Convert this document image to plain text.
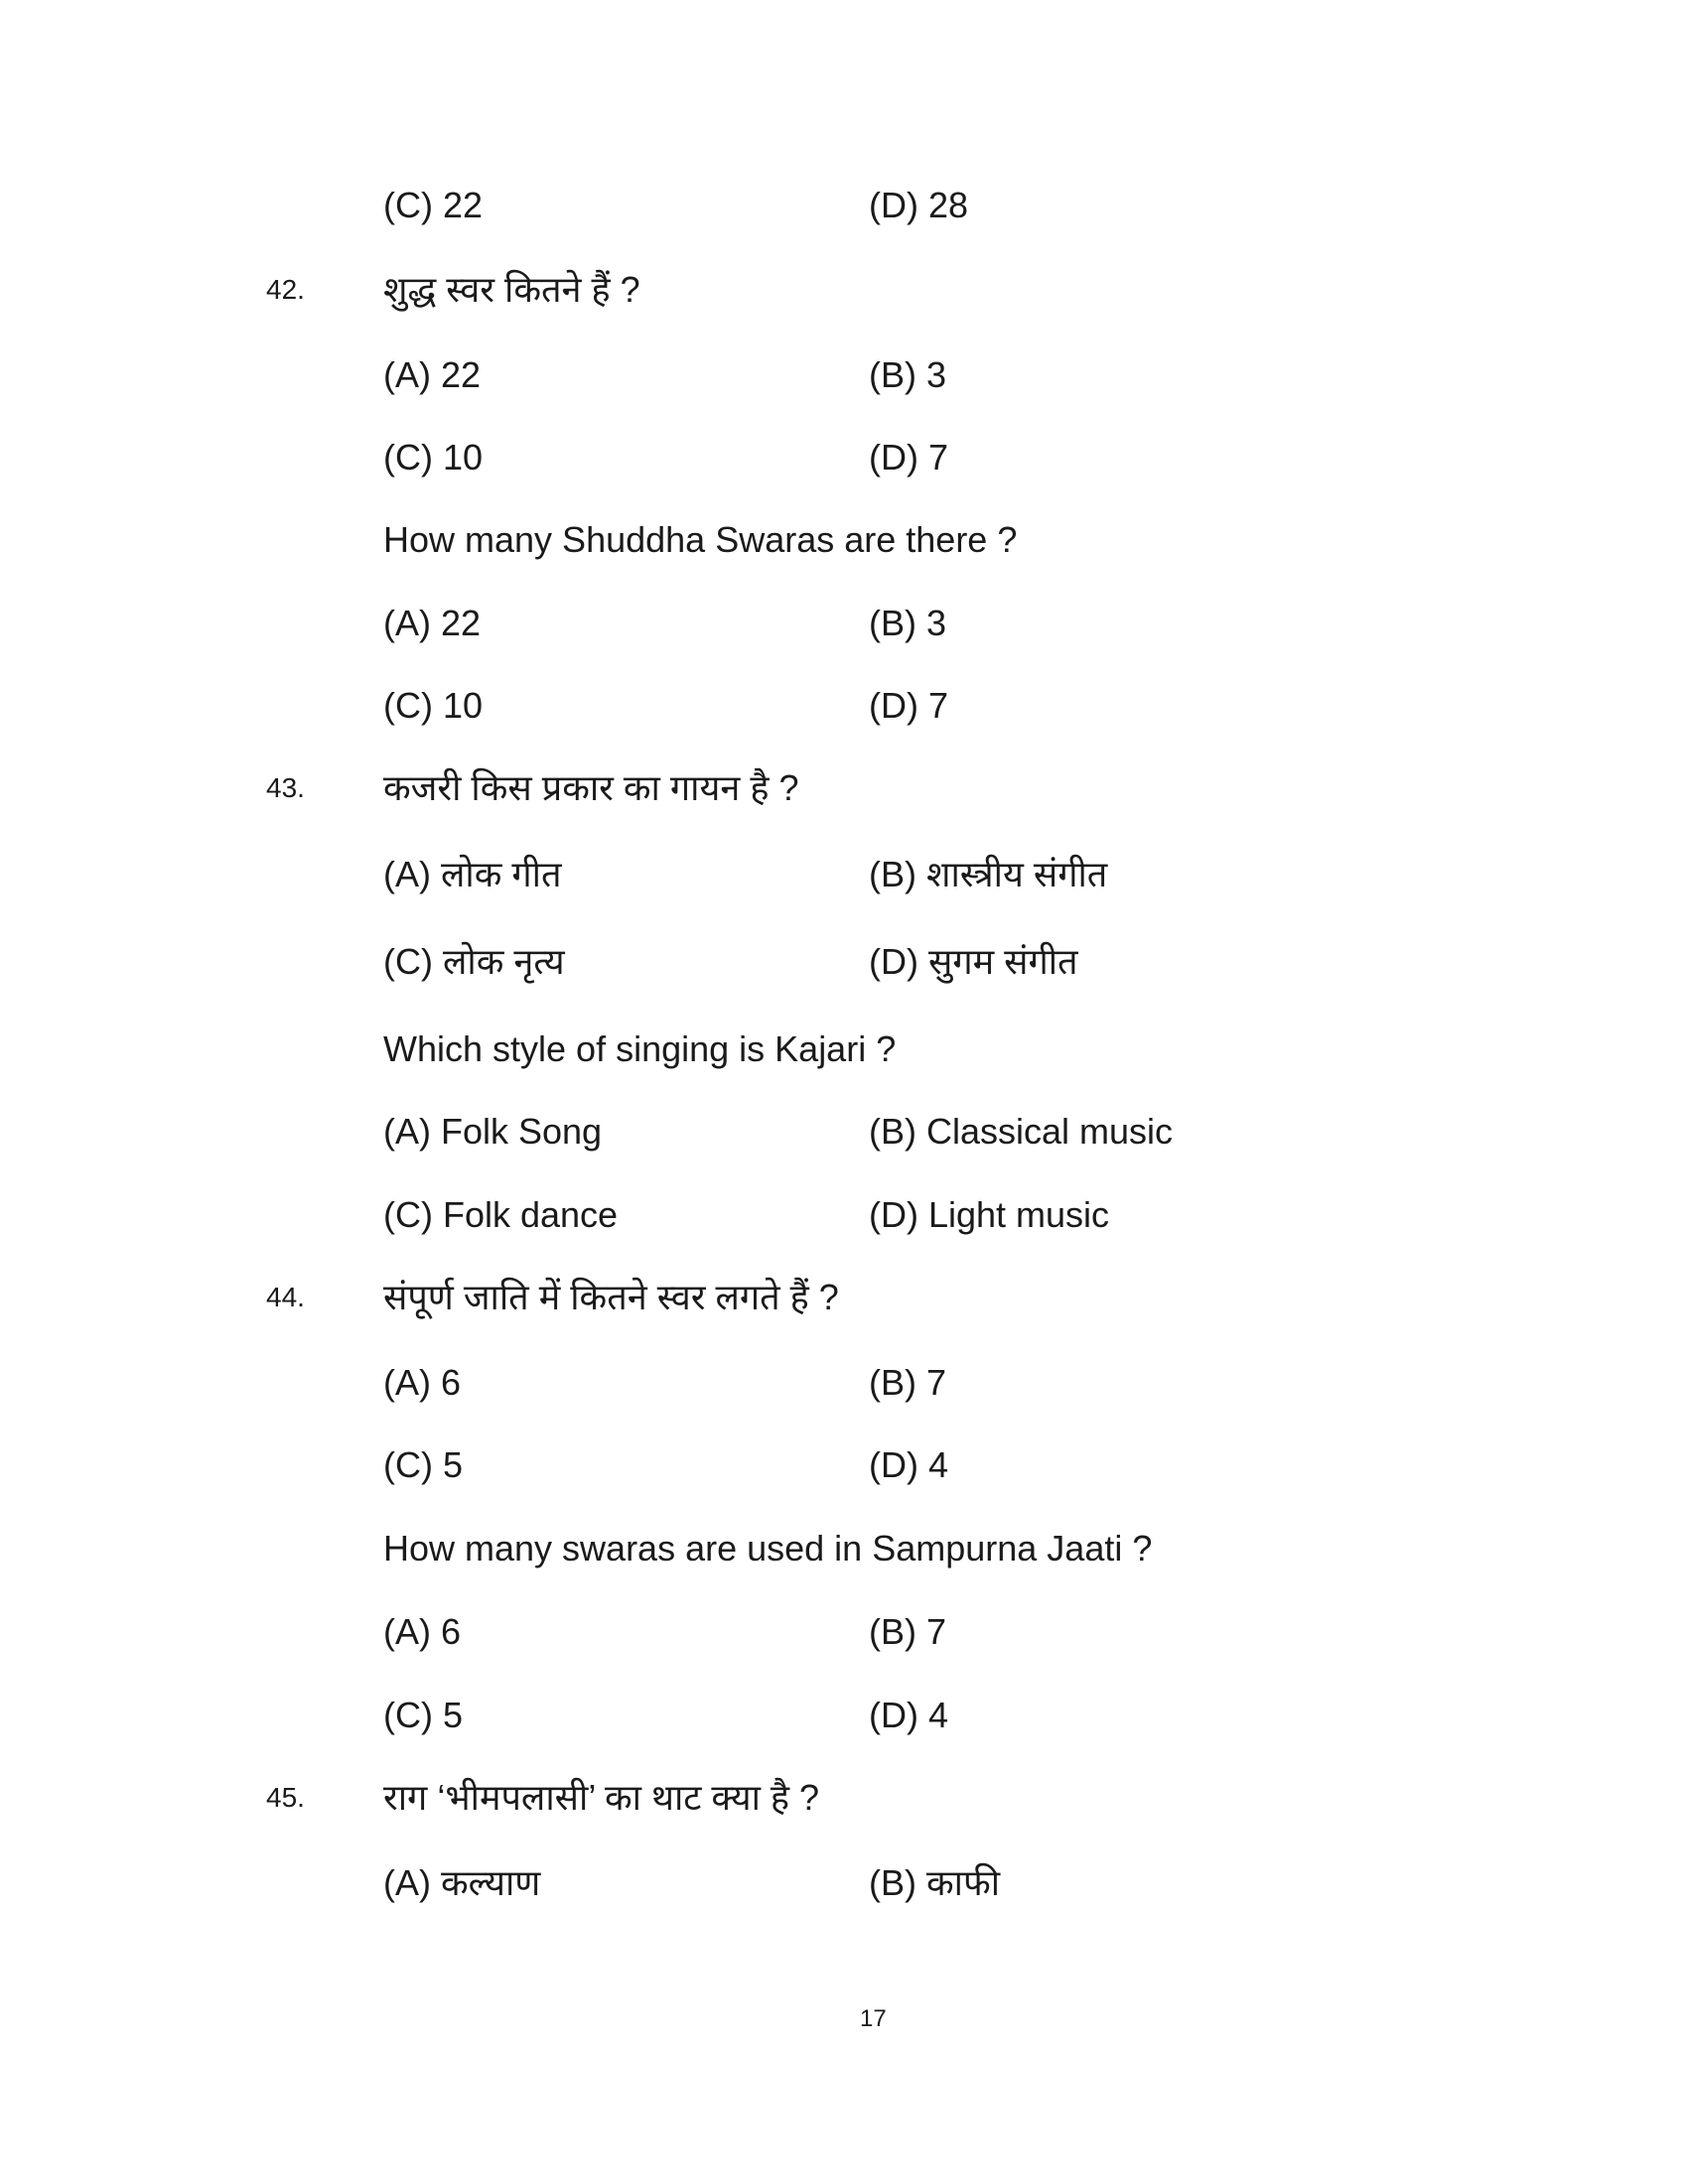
(C) 22	(D) 28
42. शुद्ध स्वर कितने हैं ?
(A) 22	(B) 3
(C) 10	(D) 7
How many Shuddha Swaras are there ?
(A) 22	(B) 3
(C) 10	(D) 7
43. कजरी किस प्रकार का गायन है ?
(A) लोक गीत	(B) शास्त्रीय संगीत
(C) लोक नृत्य	(D) सुगम संगीत
Which style of singing is Kajari ?
(A) Folk Song	(B) Classical music
(C) Folk dance	(D) Light music
44. संपूर्ण जाति में कितने स्वर लगते हैं ?
(A) 6	(B) 7
(C) 5	(D) 4
How many swaras are used in Sampurna Jaati ?
(A) 6	(B) 7
(C) 5	(D) 4
45. राग ‘भीमपलासी’ का थाट क्या है ?
(A) कल्याण	(B) काफी
17
